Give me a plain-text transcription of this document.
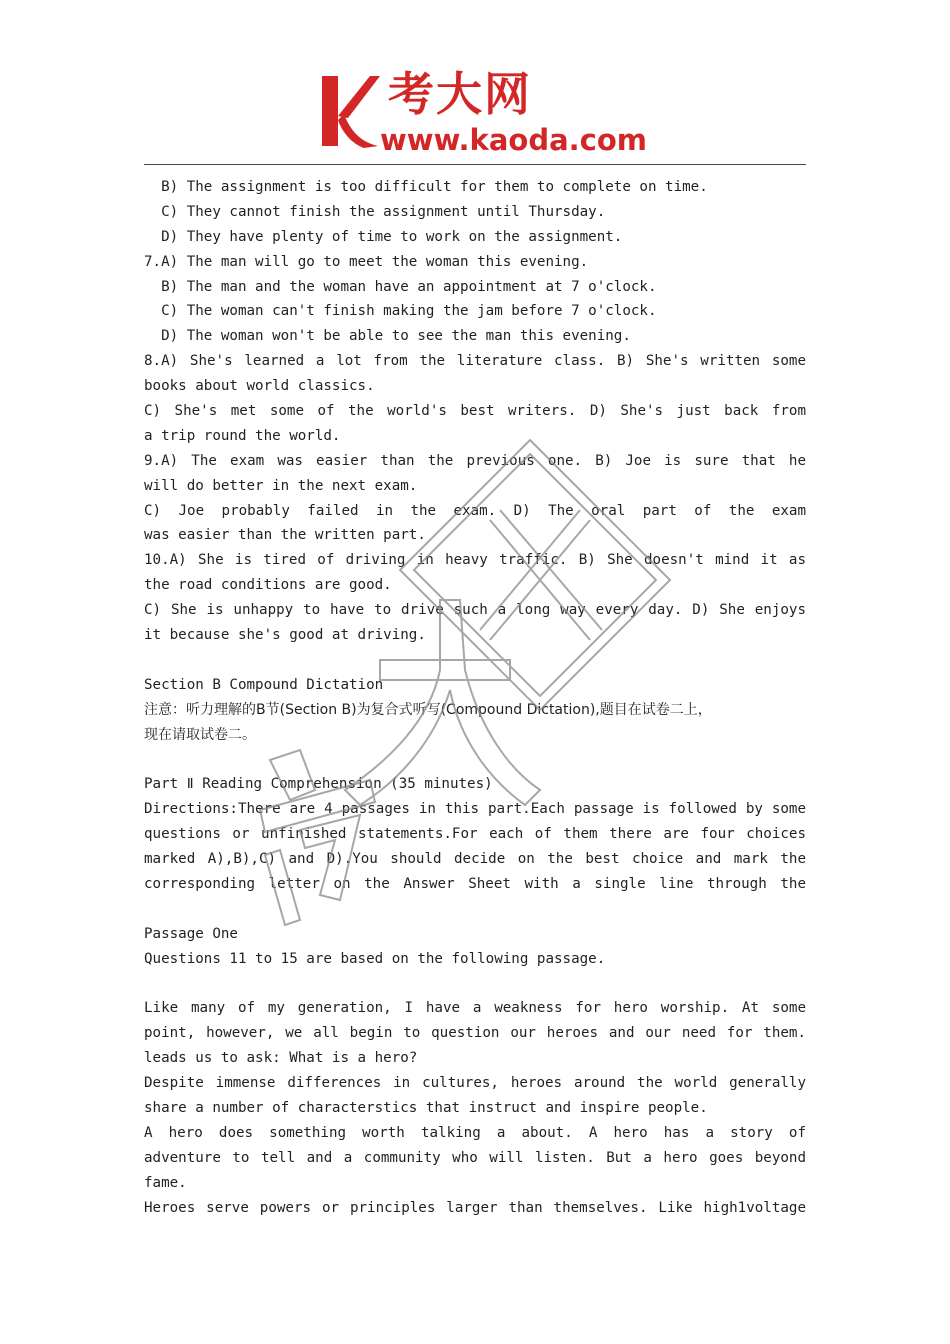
考大网
www.kaoda.com
B) The assignment is too difficult for them to complete on time.
C) They cannot finish the assignment until Thursday.
D) They have plenty of time to work on the assignment.
7.A) The man will go to meet the woman this evening.
B) The man and the woman have an appointment at 7 o'clock.
C) The woman can't finish making the jam before 7 o'clock.
D) The woman won't be able to see the man this evening.
8.A) She's learned a lot from the literature class. B) She's written some
books about world classics.
C) She's met some of the world's best writers. D) She's just back from
a trip round the world.
9.A) The exam was easier than the previous one. B) Joe is sure that he
will do better in the next exam.
C) Joe probably failed in the exam. D) The oral part of the exam
was easier than the written part.
10.A) She is tired of driving in heavy traffic. B) She doesn't mind it as
the road conditions are good.
C) She is unhappy to have to drive such a long way every day. D) She enjoys
it because she's good at driving.
Section B Compound Dictation
注意：听力理解的B节(Section B)为复合式听写(Compound Dictation),题目在试卷二上，
现在请取试卷二。
Part Ⅱ Reading Comprehension (35 minutes)
Directions:There are 4 passages in this part.Each passage is followed by some
questions or unfinished statements.For each of them there are four choices
marked A),B),C) and D).You should decide on the best choice and mark the
corresponding letter on the Answer Sheet with a single line through the
Passage One
Questions 11 to 15 are based on the following passage.
Like many of my generation, I have a weakness for hero worship. At some
point, however, we all begin to question our heroes and our need for them.
leads us to ask: What is a hero?
Despite immense differences in cultures, heroes around the world generally
share a number of characterstics that instruct and inspire people.
A hero does something worth talking a about. A hero has a story of
adventure to tell and a community who will listen. But a hero goes beyond
fame.
Heroes serve powers or principles larger than themselves. Like high1voltage
